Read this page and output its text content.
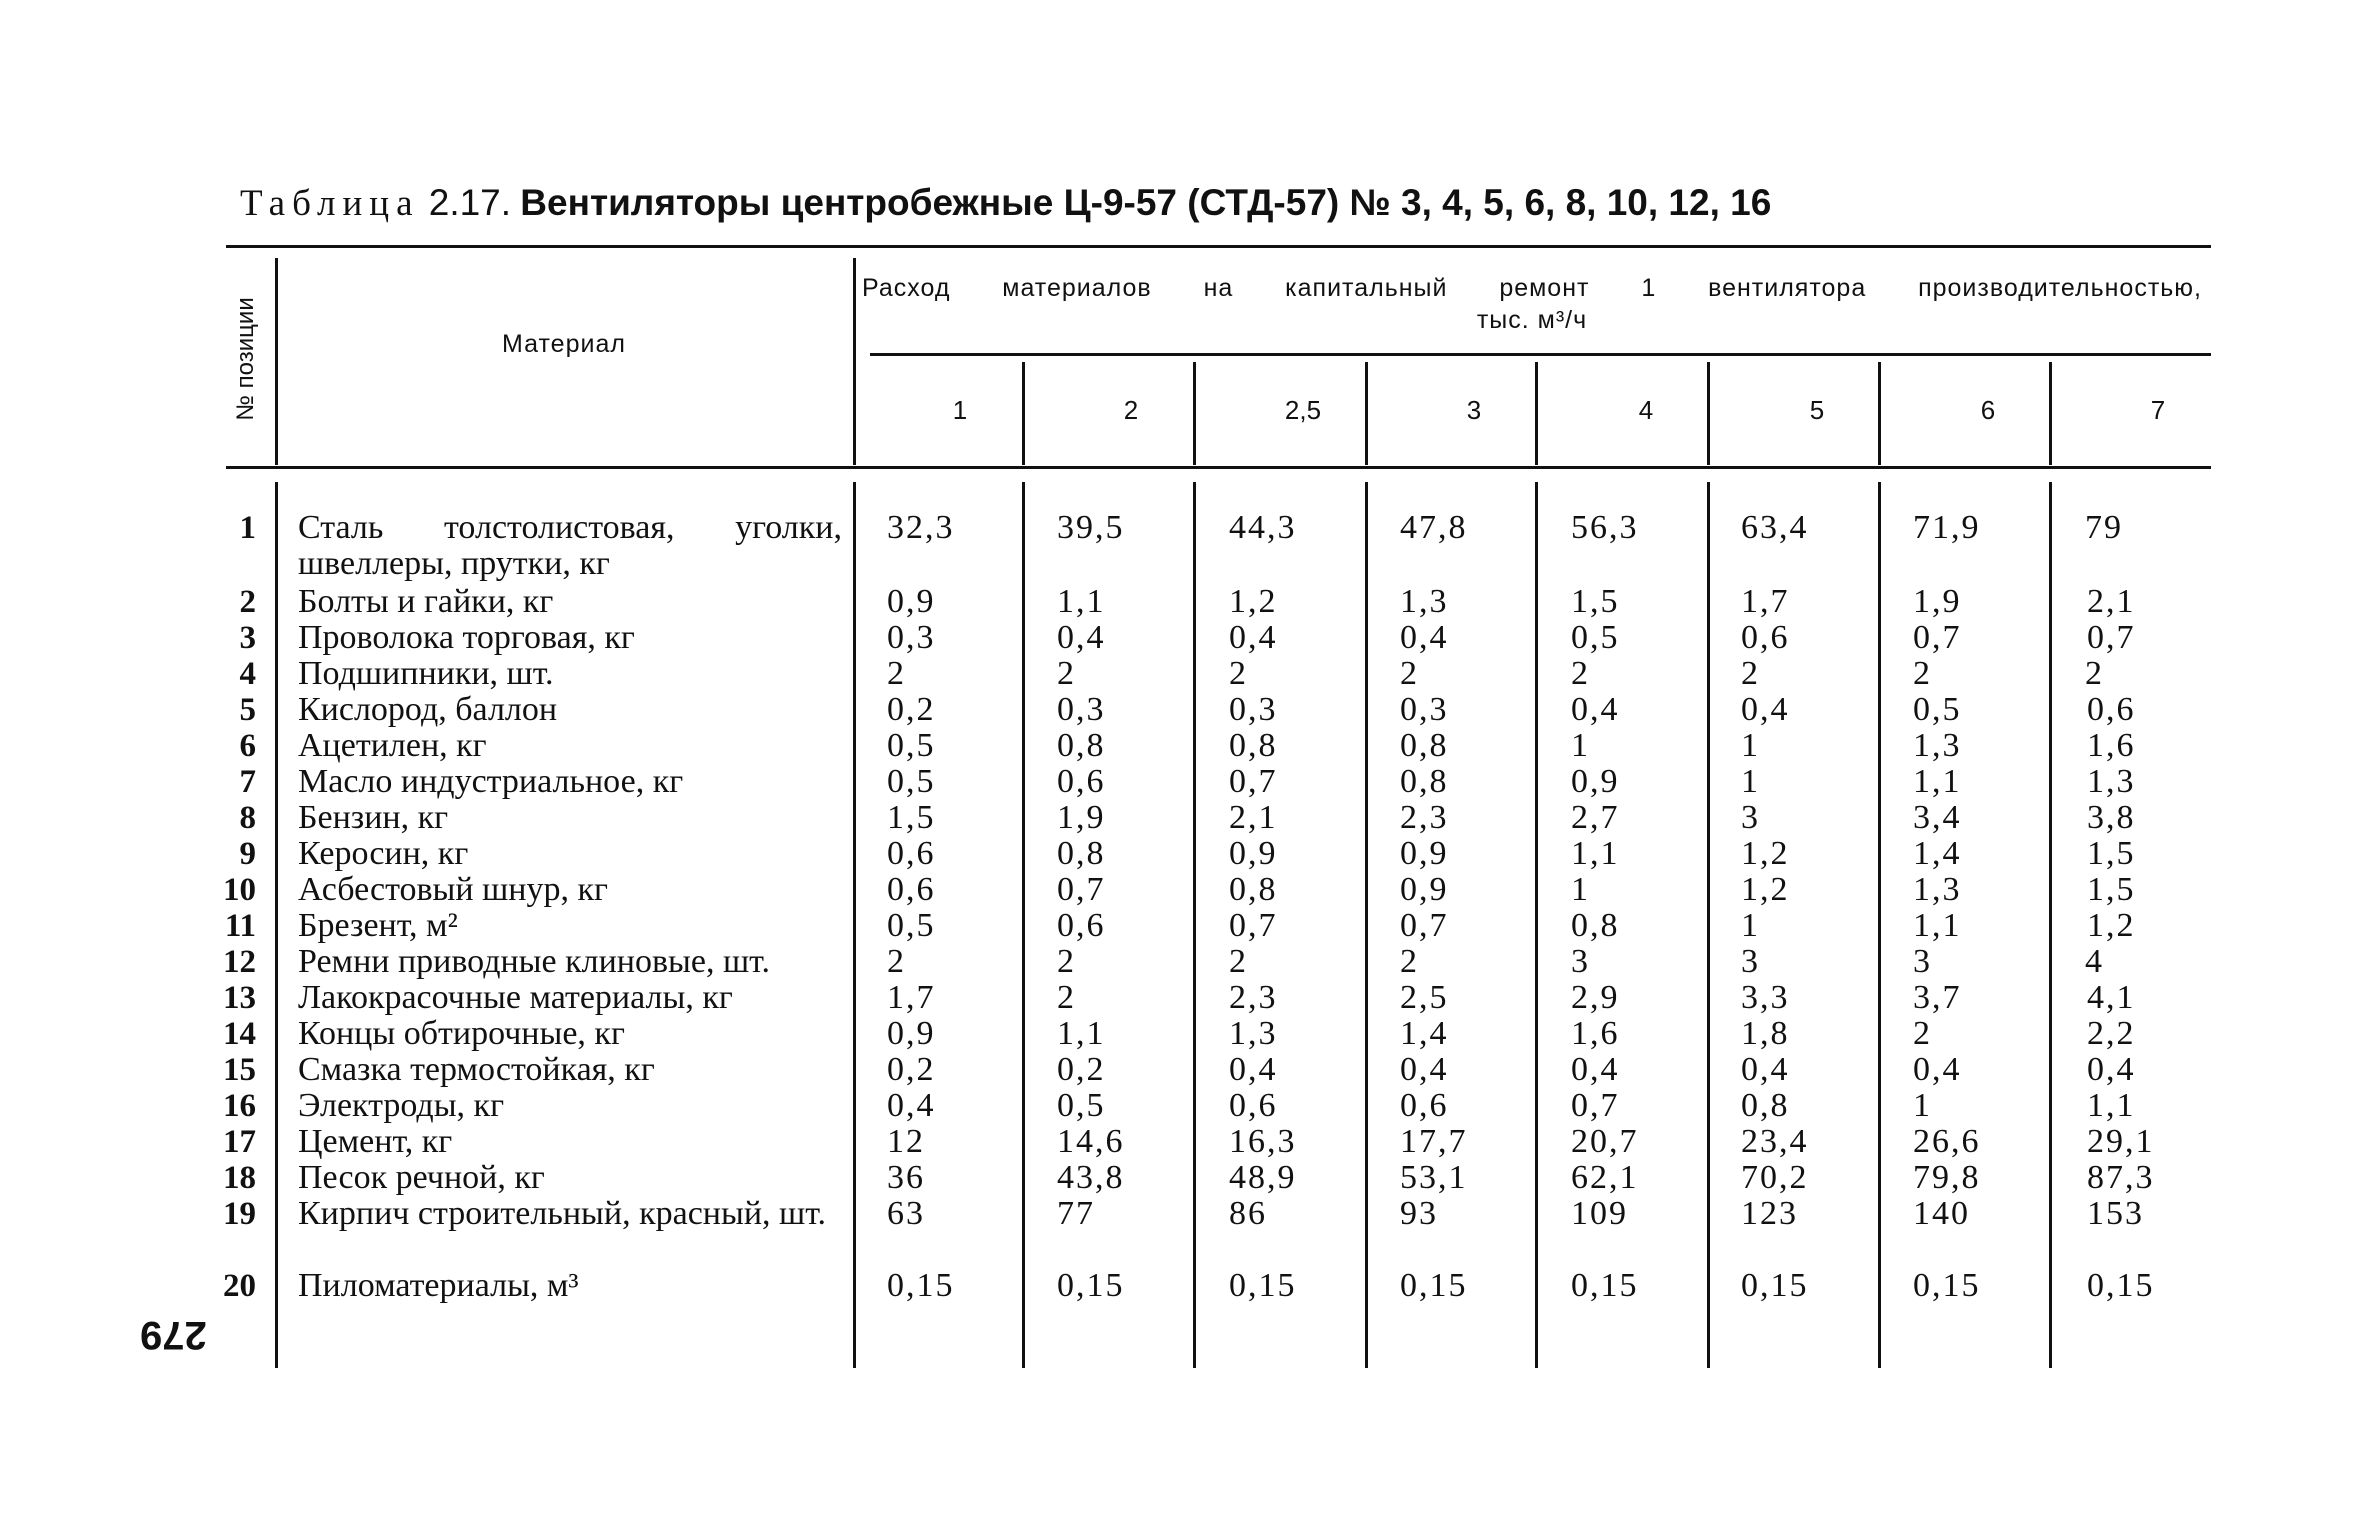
Таблица 2.17. Вентиляторы центробежные Ц-9-57 (СТД-57) № 3, 4, 5, 6, 8, 10, 12, 16
№ позиции	Материал
Расход материалов на капитальный ремонт 1 вентилятора производительностью,
тыс. м³/ч
1	2	2,5	3	4	5	6	7
1 Сталь толстолистовая, уголки, швеллеры, прутки, кг
32,3	39,5	44,3	47,8	56,3	63,4	71,9	79
2 Болты и гайки, кг	0,9	1,1	1,2	1,3	1,5	1,7	1,9	2,1
3 Проволока торговая, кг	0,3	0,4	0,4	0,4	0,5	0,6	0,7	0,7
4 Подшипники, шт.	2	2	2	2	2	2	2	2
5 Кислород, баллон	0,2	0,3	0,3	0,3	0,4	0,4	0,5	0,6
6 Ацетилен, кг	0,5	0,8	0,8	0,8	1	1	1,3	1,6
7 Масло индустриальное, кг	0,5	0,6	0,7	0,8	0,9	1	1,1	1,3
8 Бензин, кг	1,5	1,9	2,1	2,3	2,7	3	3,4	3,8
9 Керосин, кг	0,6	0,8	0,9	0,9	1,1	1,2	1,4	1,5
10 Асбестовый шнур, кг	0,6	0,7	0,8	0,9	1	1,2	1,3	1,5
11 Брезент, м²	0,5	0,6	0,7	0,7	0,8	1	1,1	1,2
12 Ремни приводные клиновые, шт.	2	2	2	2	3	3	3	4
13 Лакокрасочные материалы, кг	1,7	2	2,3	2,5	2,9	3,3	3,7	4,1
14 Концы обтирочные, кг	0,9	1,1	1,3	1,4	1,6	1,8	2	2,2
15 Смазка термостойкая, кг	0,2	0,2	0,4	0,4	0,4	0,4	0,4	0,4
16 Электроды, кг	0,4	0,5	0,6	0,6	0,7	0,8	1	1,1
17 Цемент, кг	12	14,6	16,3	17,7	20,7	23,4	26,6	29,1
18 Песок речной, кг	36	43,8	48,9	53,1	62,1	70,2	79,8	87,3
19 Кирпич строительный, красный, шт.	63	77	86	93	109	123	140	153
20 Пиломатериалы, м³	0,15	0,15	0,15	0,15	0,15	0,15	0,15	0,15
279
